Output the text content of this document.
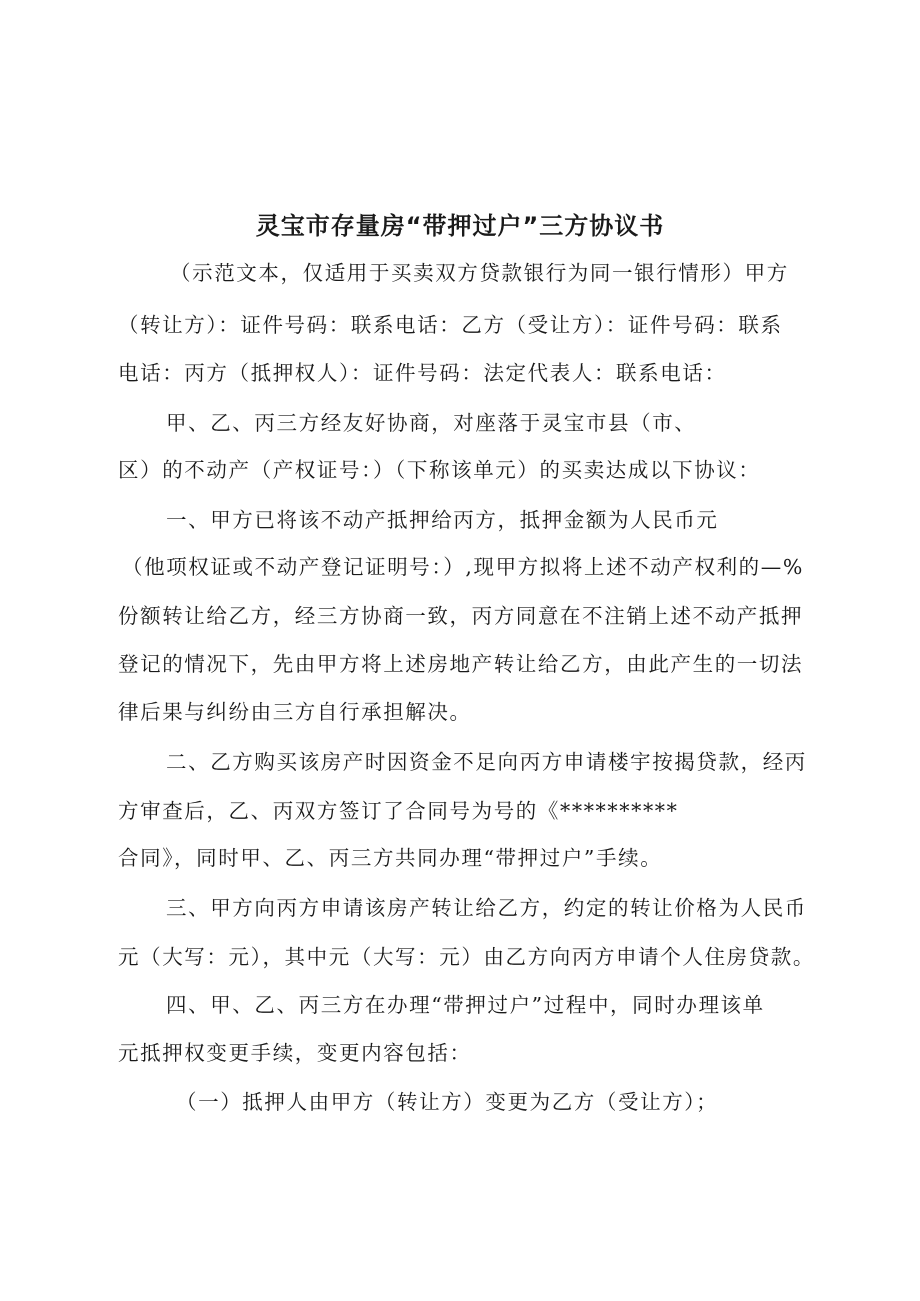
灵宝市存量房“带押过户”三方协议书

（示范文本，仅适用于买卖双方贷款银行为同一银行情形）甲方

（转让方）：证件号码：联系电话：乙方（受让方）：证件号码：联系

电话：丙方（抵押权人）：证件号码：法定代表人：联系电话：

甲、乙、丙三方经友好协商，对座落于灵宝市县（市、

区）的不动产（产权证号：）（下称该单元）的买卖达成以下协议：

一、甲方已将该不动产抵押给丙方，抵押金额为人民币元

（他项权证或不动产登记证明号：）,现甲方拟将上述不动产权利的—%

份额转让给乙方，经三方协商一致，丙方同意在不注销上述不动产抵押

登记的情况下，先由甲方将上述房地产转让给乙方，由此产生的一切法

律后果与纠纷由三方自行承担解决。

二、乙方购买该房产时因资金不足向丙方申请楼宇按揭贷款，经丙

方审查后，乙、丙双方签订了合同号为号的《**********

合同》，同时甲、乙、丙三方共同办理“带押过户”手续。

三、甲方向丙方申请该房产转让给乙方，约定的转让价格为人民币

元（大写：元），其中元（大写：元）由乙方向丙方申请个人住房贷款。

四、甲、乙、丙三方在办理“带押过户”过程中，同时办理该单

元抵押权变更手续，变更内容包括：

（一）抵押人由甲方（转让方）变更为乙方（受让方）；
